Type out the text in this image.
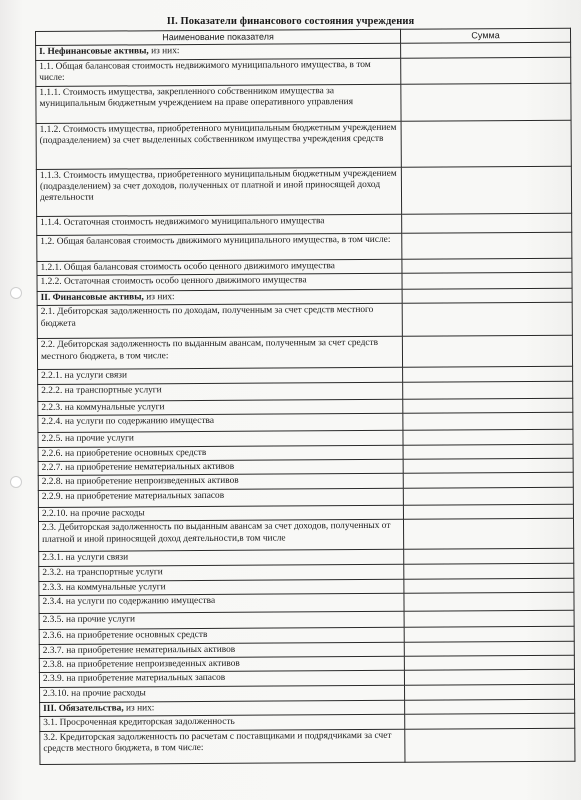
II. Показатели финансового состояния учреждения
Наименование показателя	Сумма
I. Нефинансовые активы, из них:	
1.1. Общая балансовая стоимость недвижимого муниципального имущества, в том числе:	
1.1.1. Стоимость имущества, закрепленного собственником имущества за муниципальным бюджетным учреждением на праве оперативного управления	
1.1.2. Стоимость имущества, приобретенного муниципальным бюджетным учреждением (подразделением) за счет выделенных собственником имущества учреждения средств	
1.1.3. Стоимость имущества, приобретенного муниципальным бюджетным учреждением (подразделением) за счет доходов, полученных от платной и иной приносящей доход деятельности	
1.1.4. Остаточная стоимость недвижимого муниципального имущества	
1.2. Общая балансовая стоимость движимого муниципального имущества, в том числе:	
1.2.1. Общая балансовая стоимость особо ценного движимого имущества	
1.2.2. Остаточная стоимость особо ценного движимого имущества	
II. Финансовые активы, из них:	
2.1. Дебиторская задолженность по доходам, полученным за счет средств местного бюджета	
2.2. Дебиторская задолженность по выданным авансам, полученным за счет средств местного бюджета, в том числе:	
2.2.1. на услуги связи	
2.2.2. на транспортные услуги	
2.2.3. на коммунальные услуги	
2.2.4. на услуги по содержанию имущества	
2.2.5. на прочие услуги	
2.2.6. на приобретение основных средств	
2.2.7. на приобретение нематериальных активов	
2.2.8. на приобретение непроизведенных активов	
2.2.9. на приобретение материальных запасов	
2.2.10. на прочие расходы	
2.3. Дебиторская задолженность по выданным авансам за счет доходов, полученных от платной и иной приносящей доход деятельности,в том числе	
2.3.1. на услуги связи	
2.3.2. на транспортные услуги	
2.3.3. на коммунальные услуги	
2.3.4. на услуги по содержанию имущества	
2.3.5. на прочие услуги	
2.3.6. на приобретение основных средств	
2.3.7. на приобретение нематериальных активов	
2.3.8. на приобретение непроизведенных активов	
2.3.9. на приобретение материальных запасов	
2.3.10. на прочие расходы	
III. Обязательства, из них:	
3.1. Просроченная кредиторская задолженность	
3.2. Кредиторская задолженность по расчетам с поставщиками и подрядчиками за счет средств местного бюджета, в том числе:	
